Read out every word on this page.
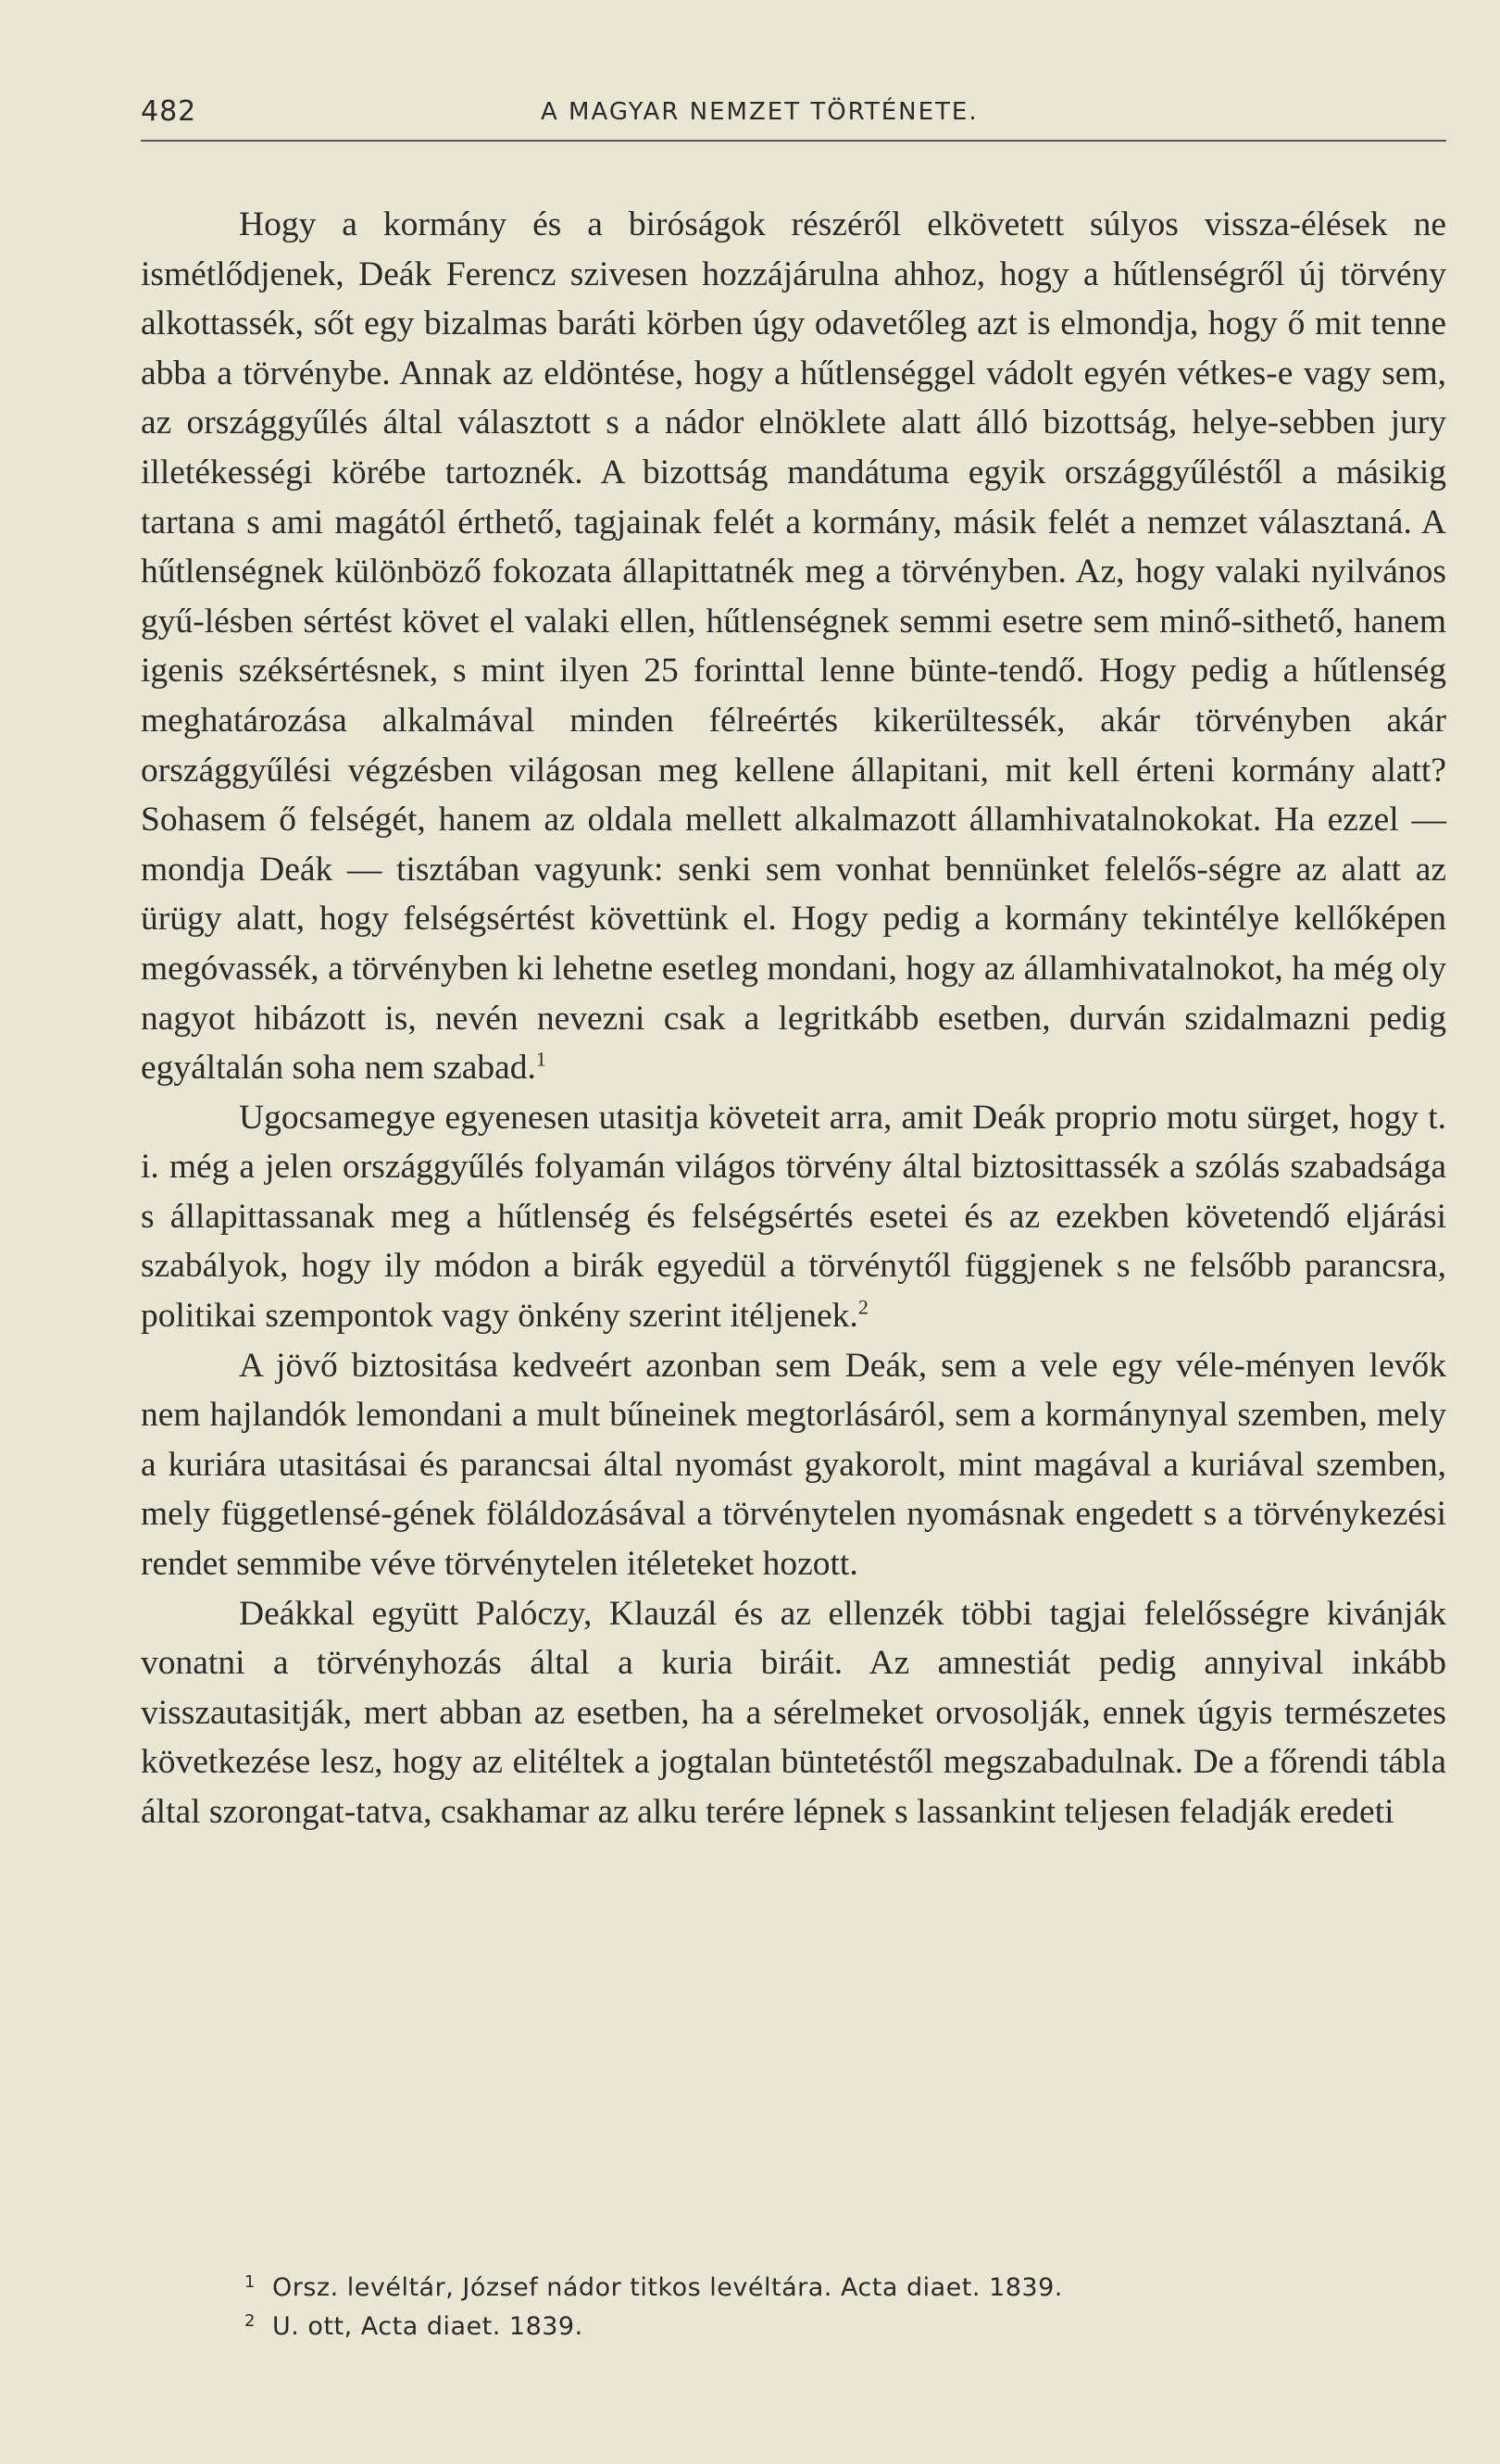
482	A MAGYAR NEMZET TÖRTÉNETE.

Hogy a kormány és a biróságok részéről elkövetett súlyos vissza-élések ne ismétlődjenek, Deák Ferencz szivesen hozzájárulna ahhoz, hogy a hűtlenségről új törvény alkottassék, sőt egy bizalmas baráti körben úgy odavetőleg azt is elmondja, hogy ő mit tenne abba a törvénybe. Annak az eldöntése, hogy a hűtlenséggel vádolt egyén vétkes-e vagy sem, az országgyűlés által választott s a nádor elnöklete alatt álló bizottság, helye-sebben jury illetékességi körébe tartoznék. A bizottság mandátuma egyik országgyűléstől a másikig tartana s ami magától érthető, tagjainak felét a kormány, másik felét a nemzet választaná. A hűtlenségnek különböző fokozata állapittatnék meg a törvényben. Az, hogy valaki nyilvános gyű-lésben sértést követ el valaki ellen, hűtlenségnek semmi esetre sem minő-sithető, hanem igenis széksértésnek, s mint ilyen 25 forinttal lenne bünte-tendő. Hogy pedig a hűtlenség meghatározása alkalmával minden félreértés kikerültessék, akár törvényben akár országgyűlési végzésben világosan meg kellene állapitani, mit kell érteni kormány alatt? Sohasem ő felségét, hanem az oldala mellett alkalmazott államhivatalnokokat. Ha ezzel — mondja Deák — tisztában vagyunk: senki sem vonhat bennünket felelős-ségre az alatt az ürügy alatt, hogy felségsértést követtünk el. Hogy pedig a kormány tekintélye kellőképen megóvassék, a törvényben ki lehetne esetleg mondani, hogy az államhivatalnokot, ha még oly nagyot hibázott is, nevén nevezni csak a legritkább esetben, durván szidalmazni pedig egyáltalán soha nem szabad.$^1$

Ugocsamegye egyenesen utasitja követeit arra, amit Deák proprio motu sürget, hogy t. i. még a jelen országgyűlés folyamán világos törvény által biztosittassék a szólás szabadsága s állapittassanak meg a hűtlenség és felségsértés esetei és az ezekben követendő eljárási szabályok, hogy ily módon a birák egyedül a törvénytől függjenek s ne felsőbb parancsra, politikai szempontok vagy önkény szerint itéljenek.$^2$

A jövő biztositása kedveért azonban sem Deák, sem a vele egy véle-ményen levők nem hajlandók lemondani a mult bűneinek megtorlásáról, sem a kormánynyal szemben, mely a kuriára utasitásai és parancsai által nyomást gyakorolt, mint magával a kuriával szemben, mely függetlensé-gének föláldozásával a törvénytelen nyomásnak engedett s a törvénykezési rendet semmibe véve törvénytelen itéleteket hozott.

Deákkal együtt Palóczy, Klauzál és az ellenzék többi tagjai felelősségre kivánják vonatni a törvényhozás által a kuria biráit. Az amnestiát pedig annyival inkább visszautasitják, mert abban az esetben, ha a sérelmeket orvosolják, ennek úgyis természetes következése lesz, hogy az elitéltek a jogtalan büntetéstől megszabadulnak. De a főrendi tábla által szorongat-tatva, csakhamar az alku terére lépnek s lassankint teljesen feladják eredeti

1 Orsz. levéltár, József nádor titkos levéltára. Acta diaet. 1839.
2 U. ott, Acta diaet. 1839.
